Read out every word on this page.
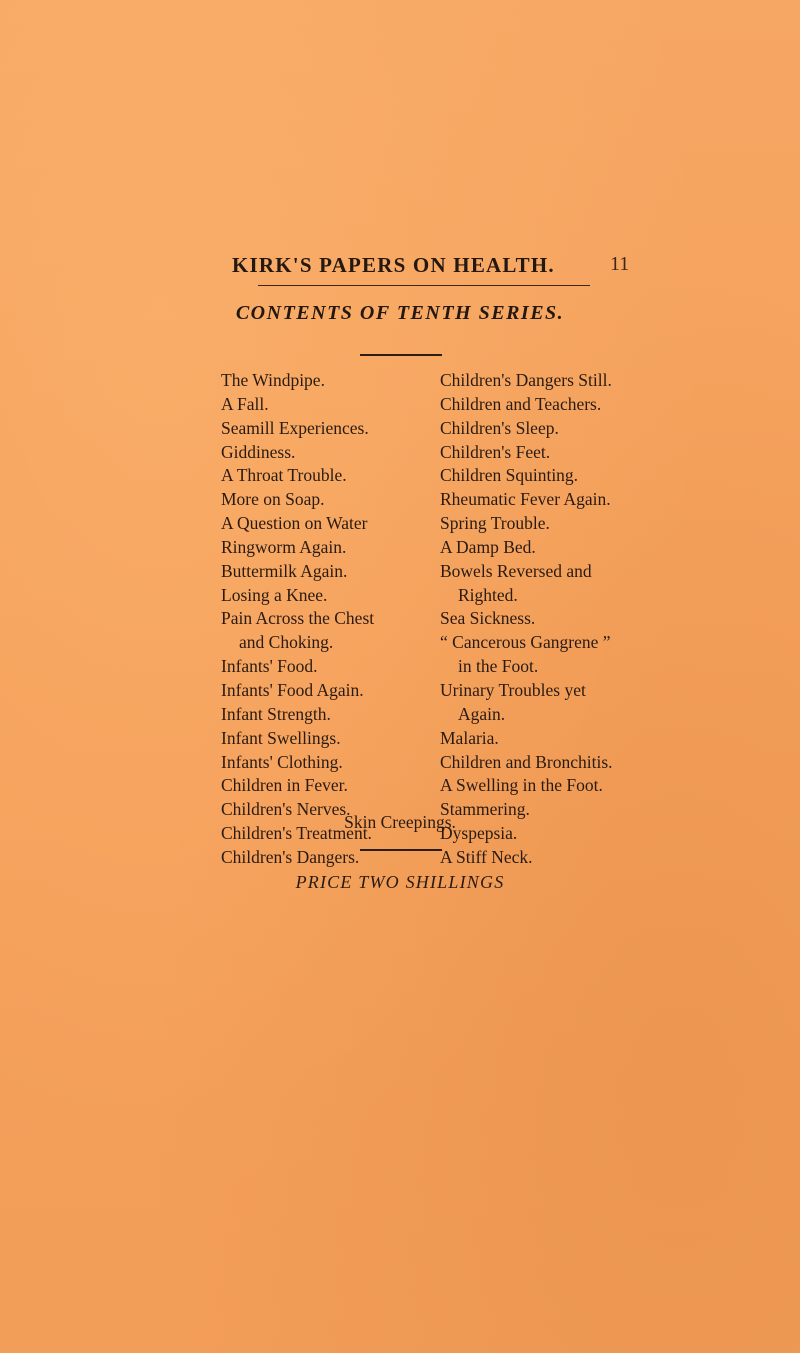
KIRK'S PAPERS ON HEALTH.	11
CONTENTS OF TENTH SERIES.
The Windpipe.
A Fall.
Seamill Experiences.
Giddiness.
A Throat Trouble.
More on Soap.
A Question on Water
Ringworm Again.
Buttermilk Again.
Losing a Knee.
Pain Across the Chest
and Choking.
Infants' Food.
Infants' Food Again.
Infant Strength.
Infant Swellings.
Infants' Clothing.
Children in Fever.
Children's Nerves.
Children's Treatment.
Children's Dangers.
Children's Dangers Still.
Children and Teachers.
Children's Sleep.
Children's Feet.
Children Squinting.
Rheumatic Fever Again.
Spring Trouble.
A Damp Bed.
Bowels Reversed and
Righted.
Sea Sickness.
“ Cancerous Gangrene ”
in the Foot.
Urinary Troubles yet
Again.
Malaria.
Children and Bronchitis.
A Swelling in the Foot.
Stammering.
Dyspepsia.
A Stiff Neck.
Skin Creepings.
PRICE TWO SHILLINGS
